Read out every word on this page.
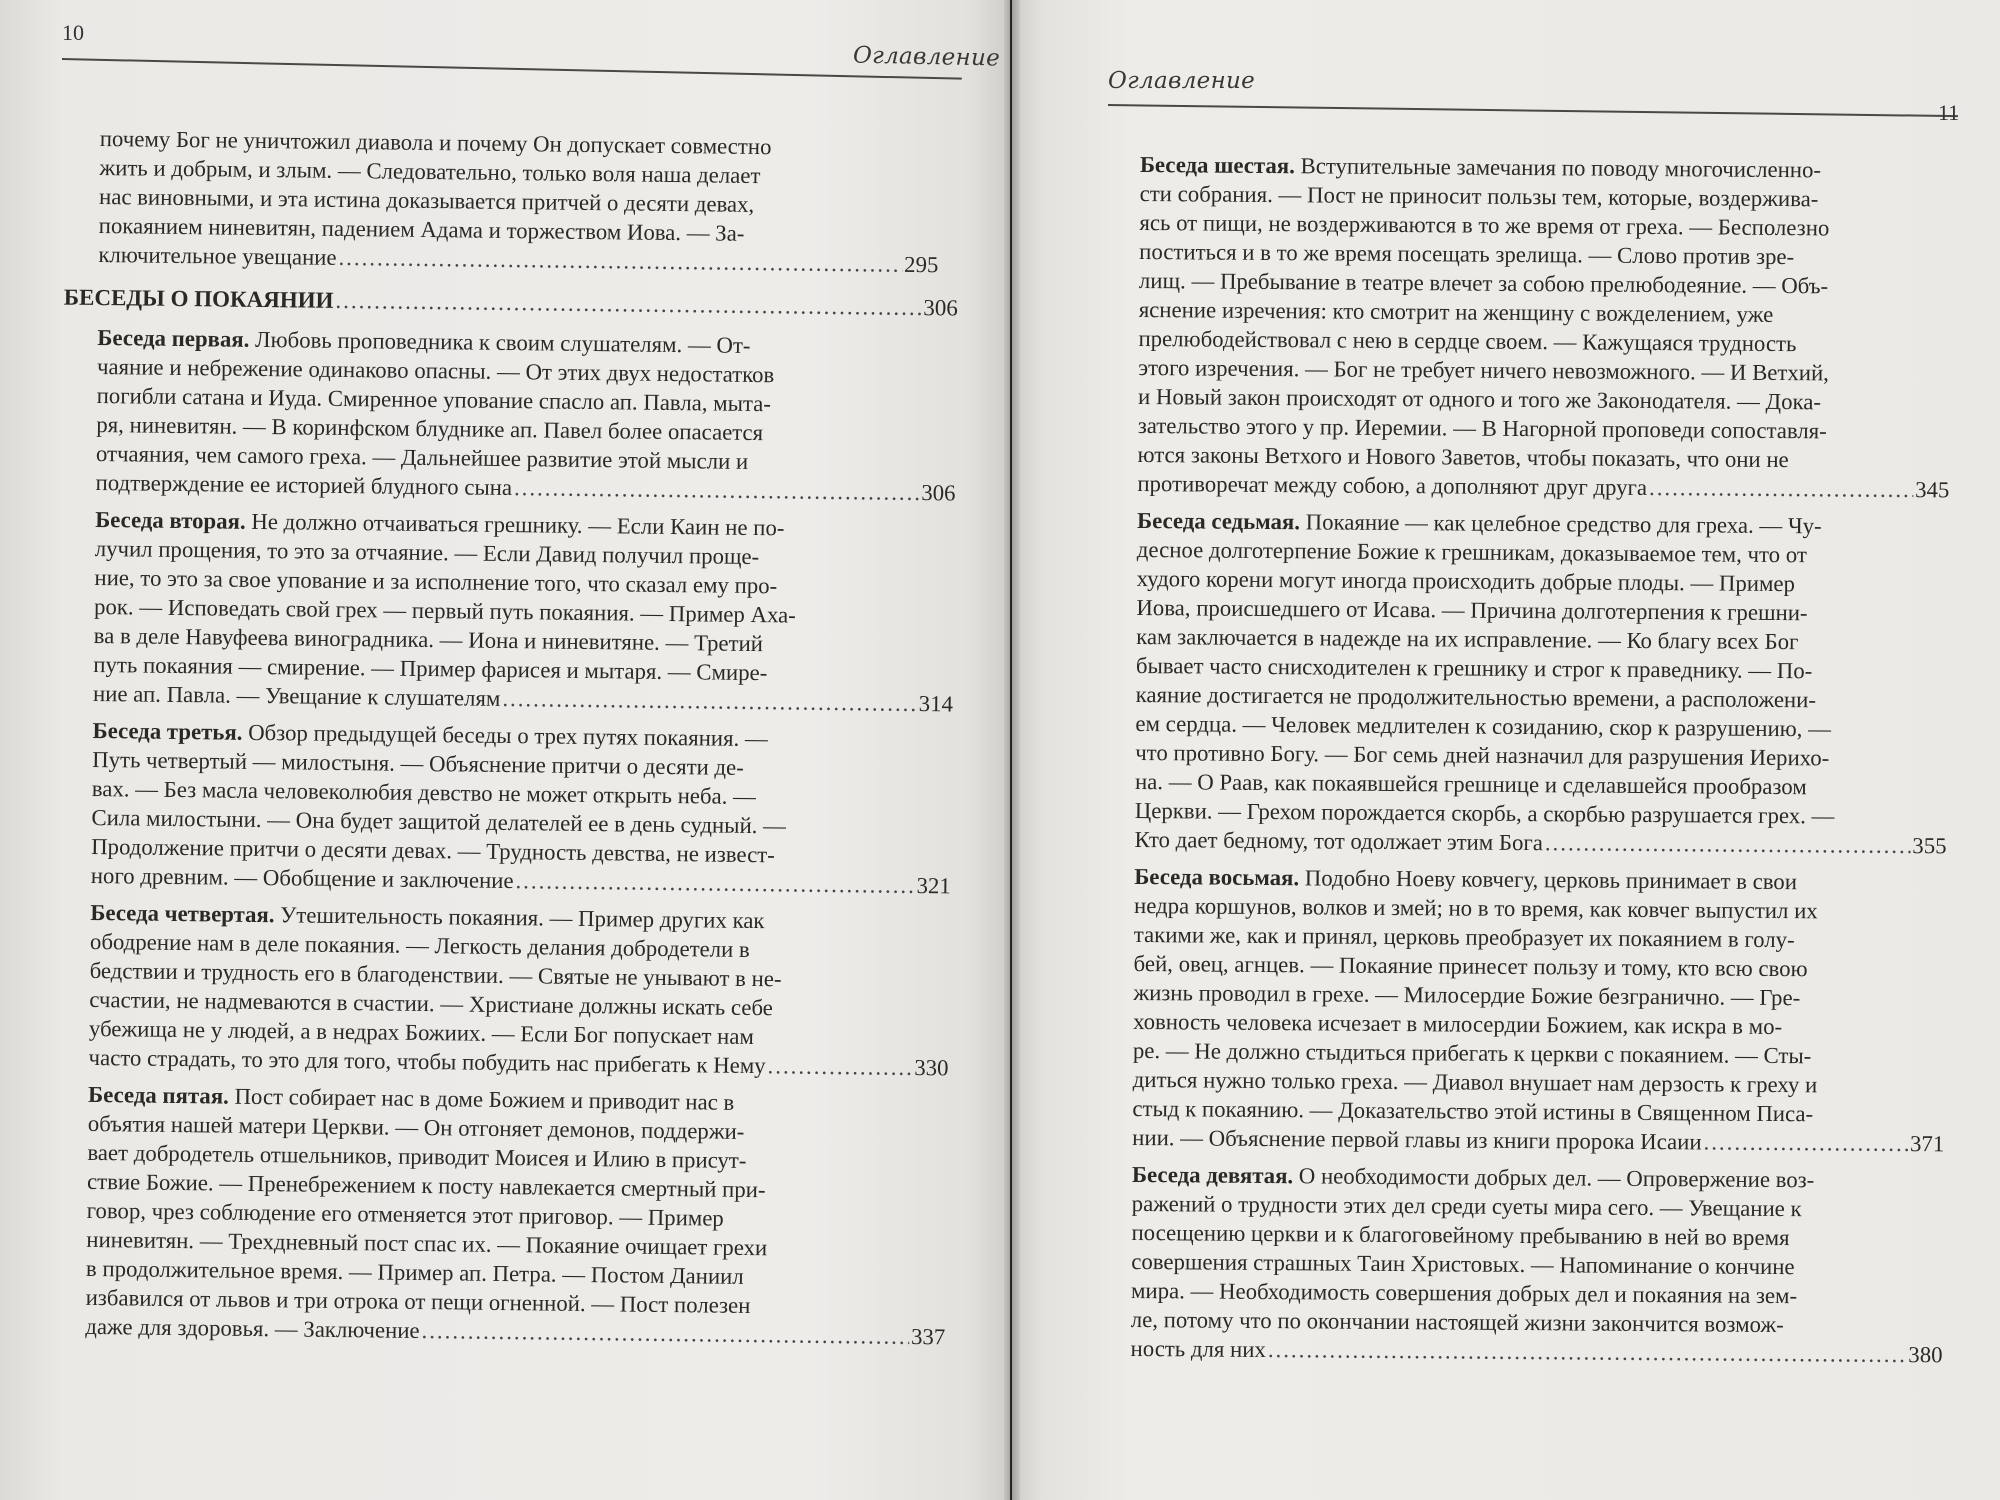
10
Оглавление
почему Бог не уничтожил диавола и почему Он допускает совместно
жить и добрым, и злым. — Следовательно, только воля наша делает
нас виновными, и эта истина доказывается притчей о десяти девах,
покаянием ниневитян, падением Адама и торжеством Иова. — За-
ключительное увещание .....	295
БЕСЕДЫ О ПОКАЯНИИ .....	306
Беседа первая. Любовь проповедника к своим слушателям. — От-
чаяние и небрежение одинаково опасны. — От этих двух недостатков
погибли сатана и Иуда. Смиренное упование спасло ап. Павла, мыта-
ря, ниневитян. — В коринфском блуднике ап. Павел более опасается
отчаяния, чем самого греха. — Дальнейшее развитие этой мысли и
подтверждение ее историей блудного сына .....	306
Беседа вторая. Не должно отчаиваться грешнику. — Если Каин не по-
лучил прощения, то это за отчаяние. — Если Давид получил проще-
ние, то это за свое упование и за исполнение того, что сказал ему про-
рок. — Исповедать свой грех — первый путь покаяния. — Пример Аха-
ва в деле Навуфеева виноградника. — Иона и ниневитяне. — Третий
путь покаяния — смирение. — Пример фарисея и мытаря. — Смире-
ние ап. Павла. — Увещание к слушателям .....	314
Беседа третья. Обзор предыдущей беседы о трех путях покаяния. —
Путь четвертый — милостыня. — Объяснение притчи о десяти де-
вах. — Без масла человеколюбия девство не может открыть неба. —
Сила милостыни. — Она будет защитой делателей ее в день судный. —
Продолжение притчи о десяти девах. — Трудность девства, не извест-
ного древним. — Обобщение и заключение .....	321
Беседа четвертая. Утешительность покаяния. — Пример других как
ободрение нам в деле покаяния. — Легкость делания добродетели в
бедствии и трудность его в благоденствии. — Святые не унывают в не-
счастии, не надмеваются в счастии. — Христиане должны искать себе
убежища не у людей, а в недрах Божиих. — Если Бог попускает нам
часто страдать, то это для того, чтобы побудить нас прибегать к Нему .....	330
Беседа пятая. Пост собирает нас в доме Божием и приводит нас в
объятия нашей матери Церкви. — Он отгоняет демонов, поддержи-
вает добродетель отшельников, приводит Моисея и Илию в присут-
ствие Божие. — Пренебрежением к посту навлекается смертный при-
говор, чрез соблюдение его отменяется этот приговор. — Пример
ниневитян. — Трехдневный пост спас их. — Покаяние очищает грехи
в продолжительное время. — Пример ап. Петра. — Постом Даниил
избавился от львов и три отрока от пещи огненной. — Пост полезен
даже для здоровья. — Заключение .....	337
Оглавление
11
Беседа шестая. Вступительные замечания по поводу многочисленно-
сти собрания. — Пост не приносит пользы тем, которые, воздержива-
ясь от пищи, не воздерживаются в то же время от греха. — Бесполезно
поститься и в то же время посещать зрелища. — Слово против зре-
лищ. — Пребывание в театре влечет за собою прелюбодеяние. — Объ-
яснение изречения: кто смотрит на женщину с вожделением, уже
прелюбодействовал с нею в сердце своем. — Кажущаяся трудность
этого изречения. — Бог не требует ничего невозможного. — И Ветхий,
и Новый закон происходят от одного и того же Законодателя. — Дока-
зательство этого у пр. Иеремии. — В Нагорной проповеди сопоставля-
ются законы Ветхого и Нового Заветов, чтобы показать, что они не
противоречат между собою, а дополняют друг друга .....	345
Беседа седьмая. Покаяние — как целебное средство для греха. — Чу-
десное долготерпение Божие к грешникам, доказываемое тем, что от
худого корени могут иногда происходить добрые плоды. — Пример
Иова, происшедшего от Исава. — Причина долготерпения к грешни-
кам заключается в надежде на их исправление. — Ко благу всех Бог
бывает часто снисходителен к грешнику и строг к праведнику. — По-
каяние достигается не продолжительностью времени, а расположени-
ем сердца. — Человек медлителен к созиданию, скор к разрушению, —
что противно Богу. — Бог семь дней назначил для разрушения Иерихо-
на. — О Раав, как покаявшейся грешнице и сделавшейся прообразом
Церкви. — Грехом порождается скорбь, а скорбью разрушается грех. —
Кто дает бедному, тот одолжает этим Бога .....	355
Беседа восьмая. Подобно Ноеву ковчегу, церковь принимает в свои
недра коршунов, волков и змей; но в то время, как ковчег выпустил их
такими же, как и принял, церковь преобразует их покаянием в голу-
бей, овец, агнцев. — Покаяние принесет пользу и тому, кто всю свою
жизнь проводил в грехе. — Милосердие Божие безгранично. — Гре-
ховность человека исчезает в милосердии Божием, как искра в мо-
ре. — Не должно стыдиться прибегать к церкви с покаянием. — Сты-
диться нужно только греха. — Диавол внушает нам дерзость к греху и
стыд к покаянию. — Доказательство этой истины в Священном Писа-
нии. — Объяснение первой главы из книги пророка Исаии .....	371
Беседа девятая. О необходимости добрых дел. — Опровержение воз-
ражений о трудности этих дел среди суеты мира сего. — Увещание к
посещению церкви и к благоговейному пребыванию в ней во время
совершения страшных Таин Христовых. — Напоминание о кончине
мира. — Необходимость совершения добрых дел и покаяния на зем-
ле, потому что по окончании настоящей жизни закончится возмож-
ность для них .....	380
